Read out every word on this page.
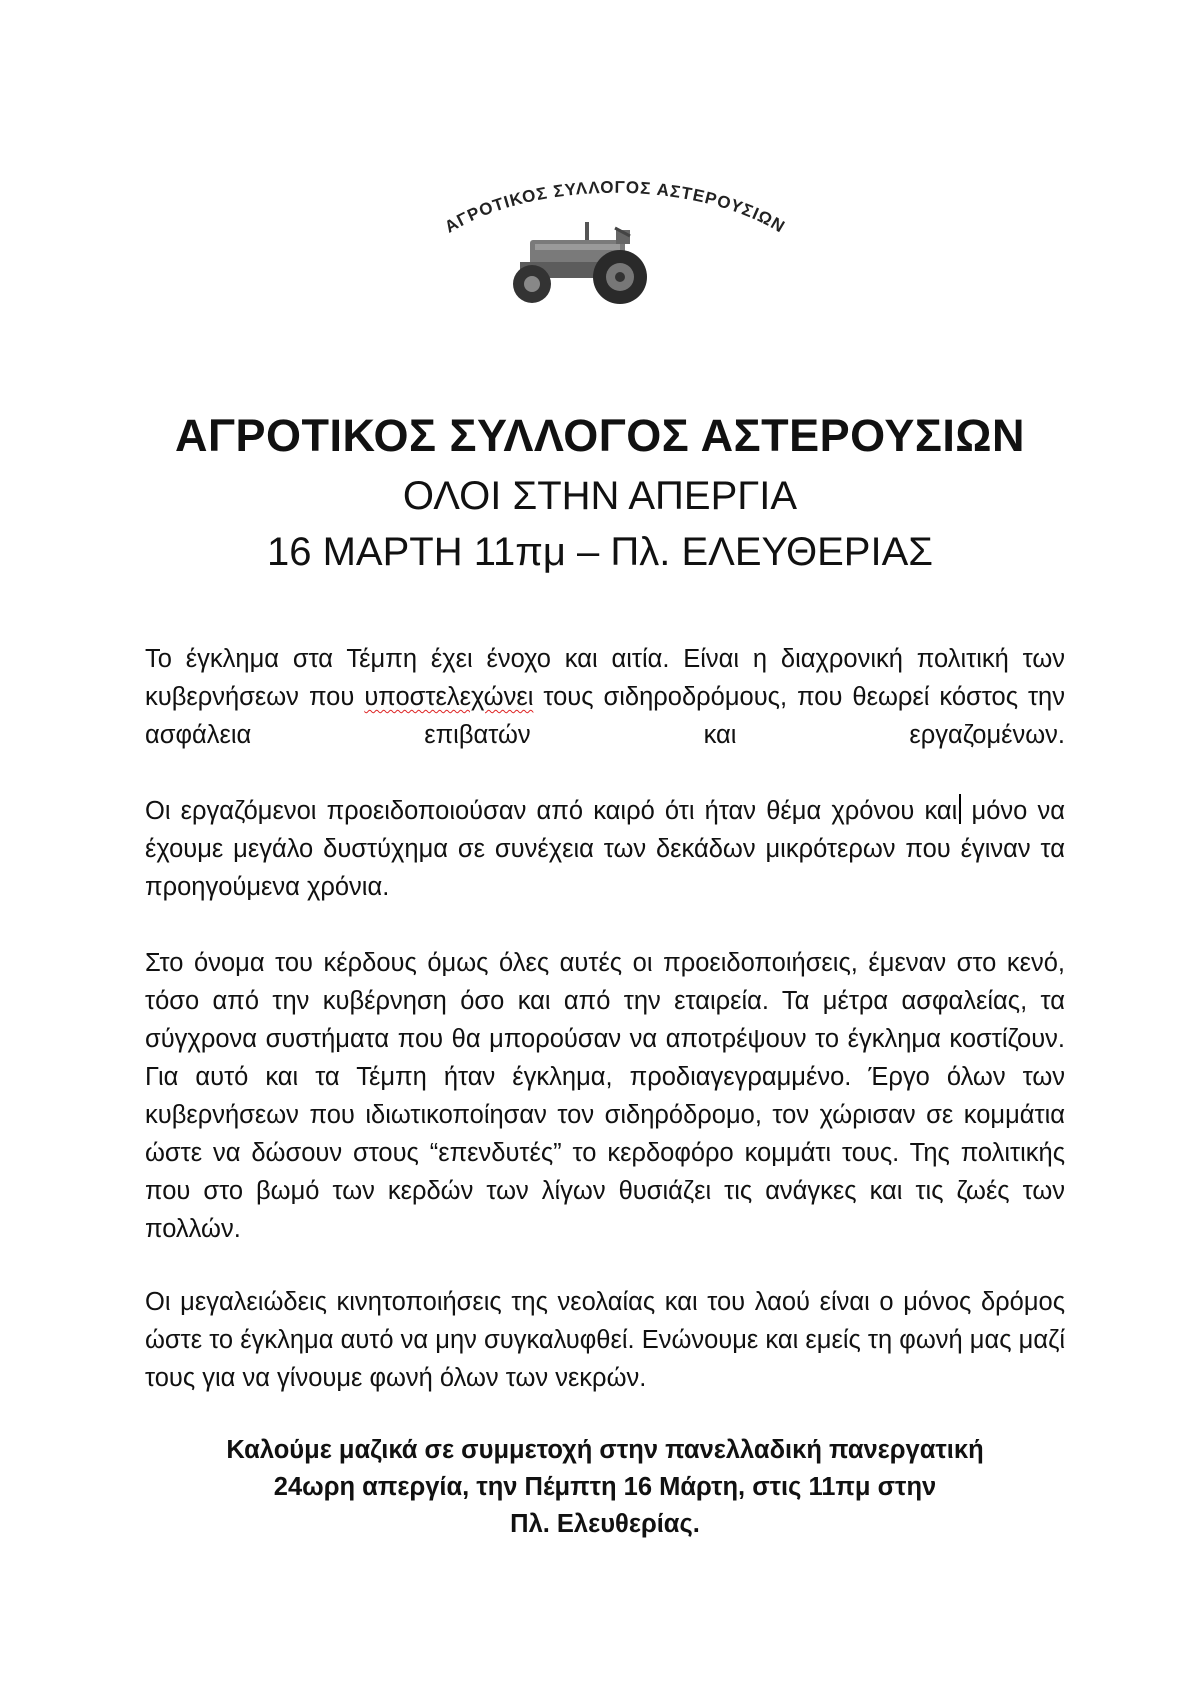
ΑΓΡΟΤΙΚΟΣ ΣΥΛΛΟΓΟΣ ΑΣΤΕΡΟΥΣΙΩΝ
ΑΓΡΟΤΙΚΟΣ ΣΥΛΛΟΓΟΣ ΑΣΤΕΡΟΥΣΙΩΝ
ΟΛΟΙ ΣΤΗΝ ΑΠΕΡΓΙΑ
16 ΜΑΡΤΗ 11πμ – Πλ. ΕΛΕΥΘΕΡΙΑΣ
Το έγκλημα στα Τέμπη έχει ένοχο και αιτία. Είναι η διαχρονική πολιτική των κυβερνήσεων που υποστελεχώνει τους σιδηροδρόμους, που θεωρεί κόστος την ασφάλεια επιβατών και εργαζομένων.
Οι εργαζόμενοι προειδοποιούσαν από καιρό ότι ήταν θέμα χρόνου και μόνο να έχουμε μεγάλο δυστύχημα σε συνέχεια των δεκάδων μικρότερων που έγιναν τα προηγούμενα χρόνια.
Στο όνομα του κέρδους όμως όλες αυτές οι προειδοποιήσεις, έμεναν στο κενό, τόσο από την κυβέρνηση όσο και από την εταιρεία. Τα μέτρα ασφαλείας, τα σύγχρονα συστήματα που θα μπορούσαν να αποτρέψουν το έγκλημα κοστίζουν. Για αυτό και τα Τέμπη ήταν έγκλημα, προδιαγεγραμμένο. Έργο όλων των κυβερνήσεων που ιδιωτικοποίησαν τον σιδηρόδρομο, τον χώρισαν σε κομμάτια ώστε να δώσουν στους “επενδυτές” το κερδοφόρο κομμάτι τους. Της πολιτικής που στο βωμό των κερδών των λίγων θυσιάζει τις ανάγκες και τις ζωές των πολλών.
Οι μεγαλειώδεις κινητοποιήσεις της νεολαίας και του λαού είναι ο μόνος δρόμος ώστε το έγκλημα αυτό να μην συγκαλυφθεί. Ενώνουμε και εμείς τη φωνή μας μαζί τους για να γίνουμε φωνή όλων των νεκρών.
Καλούμε μαζικά σε συμμετοχή στην πανελλαδική πανεργατική
24ωρη απεργία, την Πέμπτη 16 Μάρτη, στις 11πμ στην
Πλ. Ελευθερίας.
